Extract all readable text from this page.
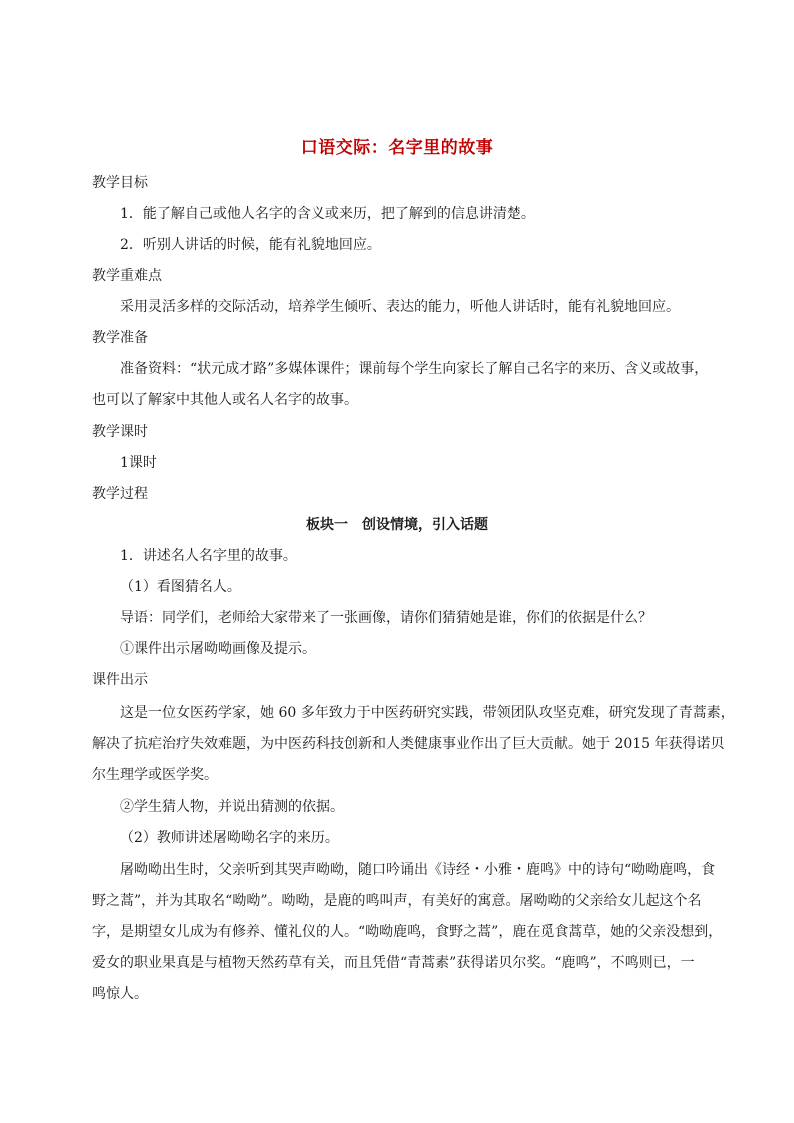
口语交际：名字里的故事
教学目标
1．能了解自己或他人名字的含义或来历，把了解到的信息讲清楚。
2．听别人讲话的时候，能有礼貌地回应。
教学重难点
采用灵活多样的交际活动，培养学生倾听、表达的能力，听他人讲话时，能有礼貌地回应。
教学准备
准备资料：“状元成才路”多媒体课件；课前每个学生向家长了解自己名字的来历、含义或故事，
也可以了解家中其他人或名人名字的故事。
教学课时
1课时
教学过程
板块一　创设情境，引入话题
1．讲述名人名字里的故事。
（1）看图猜名人。
导语：同学们，老师给大家带来了一张画像，请你们猜猜她是谁，你们的依据是什么？
①课件出示屠呦呦画像及提示。
课件出示
这是一位女医药学家，她 60 多年致力于中医药研究实践，带领团队攻坚克难，研究发现了青蒿素，
解决了抗疟治疗失效难题，为中医药科技创新和人类健康事业作出了巨大贡献。她于 2015 年获得诺贝
尔生理学或医学奖。
②学生猜人物，并说出猜测的依据。
（2）教师讲述屠呦呦名字的来历。
屠呦呦出生时，父亲听到其哭声呦呦，随口吟诵出《诗经・小雅・鹿鸣》中的诗句“呦呦鹿鸣，食
野之蒿”，并为其取名“呦呦”。呦呦，是鹿的鸣叫声，有美好的寓意。屠呦呦的父亲给女儿起这个名
字，是期望女儿成为有修养、懂礼仪的人。“呦呦鹿鸣，食野之蒿”，鹿在觅食蒿草，她的父亲没想到，
爱女的职业果真是与植物天然药草有关，而且凭借“青蒿素”获得诺贝尔奖。“鹿鸣”，不鸣则已，一
鸣惊人。
